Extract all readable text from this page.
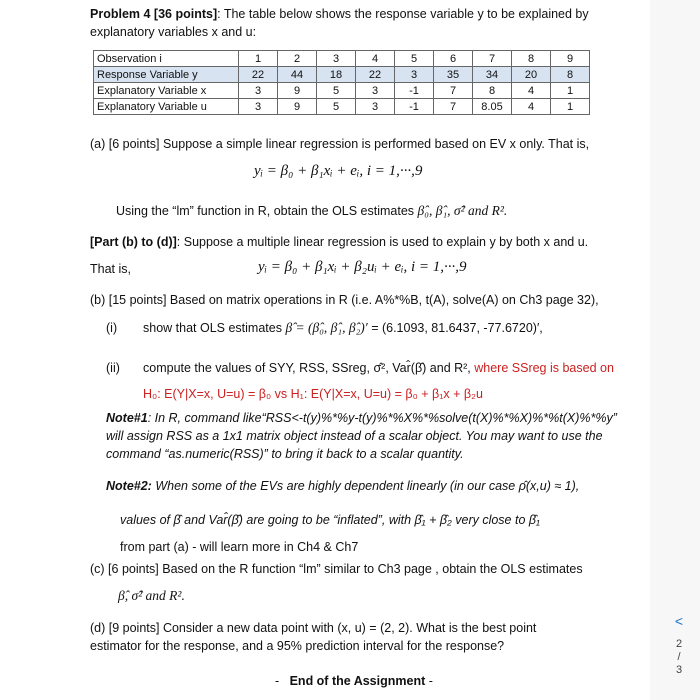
Problem 4 [36 points]: The table below shows the response variable y to be explained by
explanatory variables x and u:
Observation i	1	2	3	4	5	6	7	8	9
Response Variable y	22	44	18	22	3	35	34	20	8
Explanatory Variable x	3	9	5	3	-1	7	8	4	1
Explanatory Variable u	3	9	5	3	-1	7	8.05	4	1
(a) [6 points] Suppose a simple linear regression is performed based on EV x only. That is,
yᵢ = β₀ + β₁xᵢ + eᵢ, i = 1,···,9
Using the “lm” function in R, obtain the OLS estimates β̂₀, β̂₁, σ̂² and R².
[Part (b) to (d)]: Suppose a multiple linear regression is used to explain y by both x and u.
That is,	yᵢ = β₀ + β₁xᵢ + β₂uᵢ + eᵢ, i = 1,···,9
(b) [15 points] Based on matrix operations in R (i.e. A%*%B, t(A), solve(A) on Ch3 page 32),
(i) show that OLS estimates β̂ = (β̂₀, β̂₁, β̂₂)′ = (6.1093, 81.6437, -77.6720)′,
(ii) compute the values of SYY, RSS, SSreg, σ̂², Var̂(β̂) and R², where SSreg is based on
H₀: E(Y|X=x, U=u) = β₀ vs H₁: E(Y|X=x, U=u) = β₀ + β₁x + β₂u
Note#1: In R, command like“RSS<-t(y)%*%y-t(y)%*%X%*%solve(t(X)%*%X)%*%t(X)%*%y”
will assign RSS as a 1x1 matrix object instead of a scalar object. You may want to use the
command “as.numeric(RSS)” to bring it back to a scalar quantity.
Note#2: When some of the EVs are highly dependent linearly (in our case ρ̂(x,u) ≈ 1),
values of β̂ and Var̂(β̂) are going to be “inflated”, with β̂₁ + β̂₂ very close to β̂₁
from part (a) - will learn more in Ch4 & Ch7
(c) [6 points] Based on the R function “lm” similar to Ch3 page , obtain the OLS estimates
β̂, σ̂² and R².
(d) [9 points] Consider a new data point with (x, u) = (2, 2). What is the best point
estimator for the response, and a 95% prediction interval for the response?
- End of the Assignment -
<
2
/
3
